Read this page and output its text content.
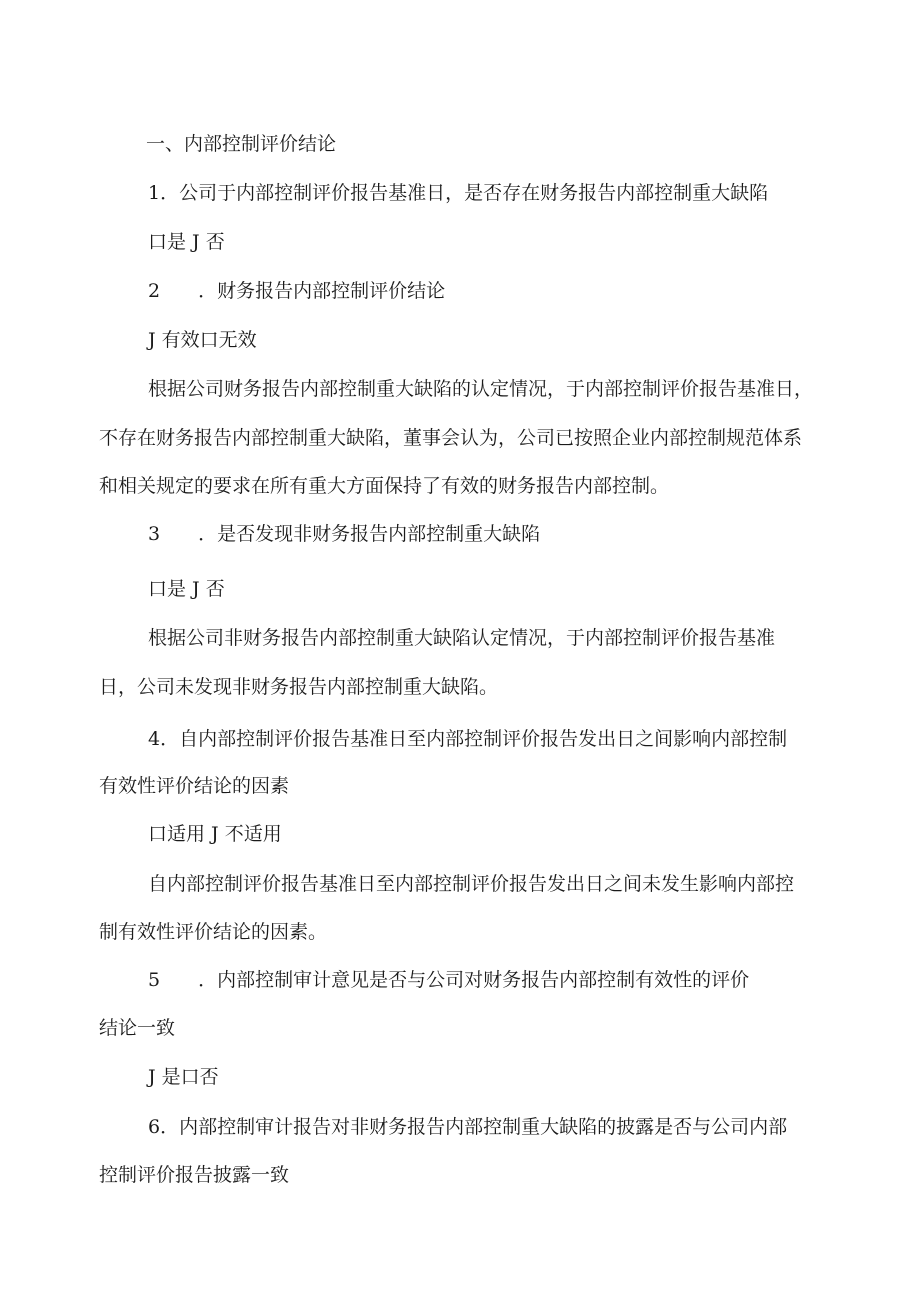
一、内部控制评价结论
1．公司于内部控制评价报告基准日，是否存在财务报告内部控制重大缺陷
口是 J 否
2 ．财务报告内部控制评价结论
J 有效口无效
根据公司财务报告内部控制重大缺陷的认定情况，于内部控制评价报告基准日，
不存在财务报告内部控制重大缺陷，董事会认为，公司已按照企业内部控制规范体系
和相关规定的要求在所有重大方面保持了有效的财务报告内部控制。
3 ．是否发现非财务报告内部控制重大缺陷
口是 J 否
根据公司非财务报告内部控制重大缺陷认定情况，于内部控制评价报告基准
日，公司未发现非财务报告内部控制重大缺陷。
4．自内部控制评价报告基准日至内部控制评价报告发出日之间影响内部控制
有效性评价结论的因素
口适用 J 不适用
自内部控制评价报告基准日至内部控制评价报告发出日之间未发生影响内部控
制有效性评价结论的因素。
5 ．内部控制审计意见是否与公司对财务报告内部控制有效性的评价
结论一致
J 是口否
6．内部控制审计报告对非财务报告内部控制重大缺陷的披露是否与公司内部
控制评价报告披露一致
